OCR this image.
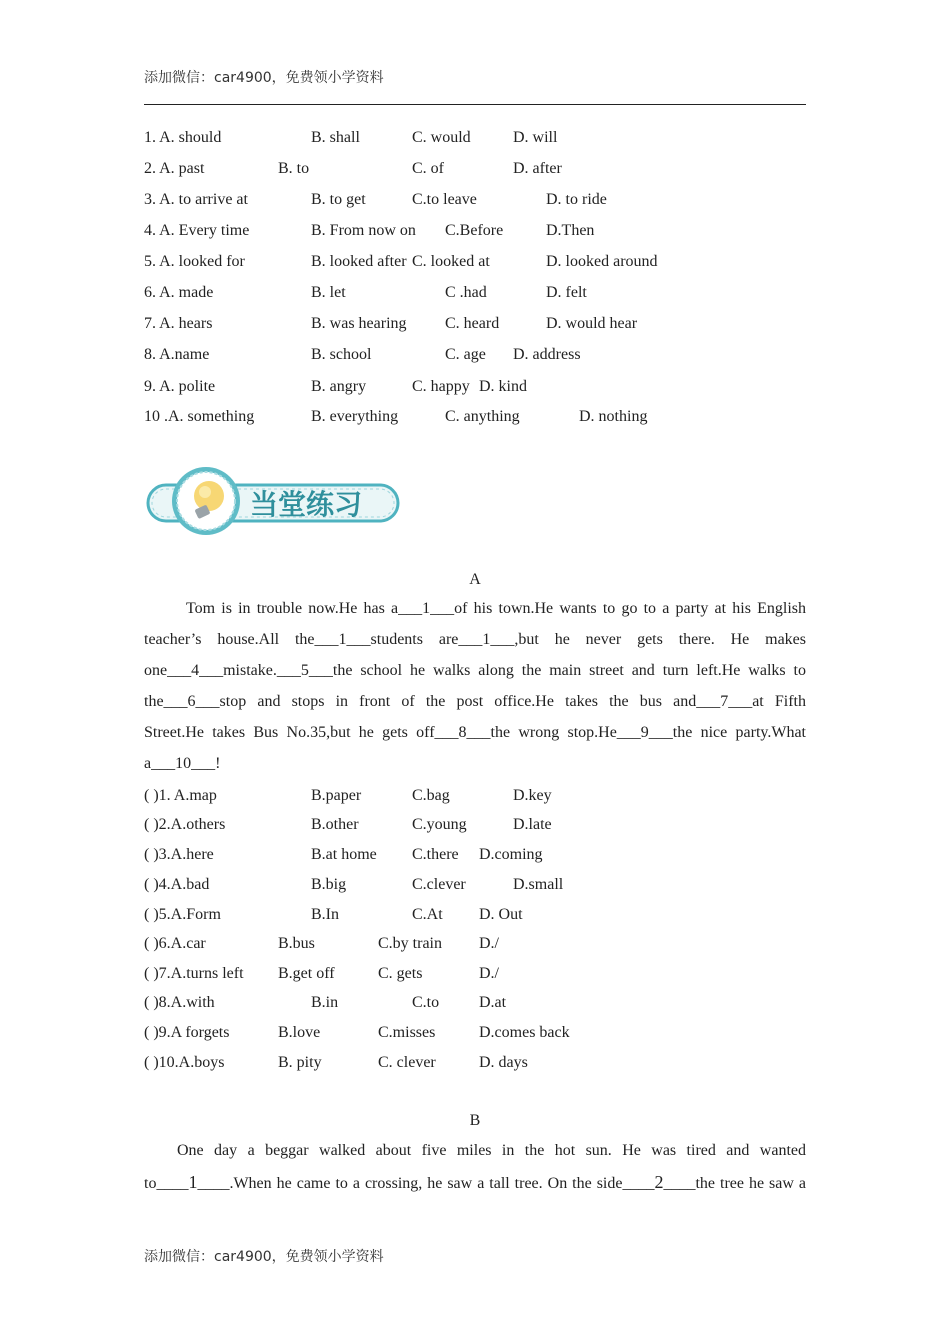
添加微信：car4900，免费领小学资料
1. A. should	B. shall	C. would	D. will
2. A. past	B. to	C. of	D. after
3. A. to arrive at	B. to get	C.to leave	D. to ride
4. A. Every time	B. From now on C.Before	D.Then
5. A. looked for	B. looked after C. looked at	D. looked around
6. A. made	B. let	C .had	D. felt
7. A. hears	B. was hearing C. heard	D. would hear
8. A.name	B. school	C. age D. address
9. A. polite	B. angry	C. happy D. kind
10 .A. something	B. everything	C. anything	D. nothing
当堂练习
A
Tom is in trouble now.He has a___1___of his town.He wants to go to a party at his English
teacher’s house.All the___1___students are___1___,but he never gets there. He makes
one___4___mistake.___5___the school he walks along the main street and turn left.He walks to
the___6___stop and stops in front of the post office.He takes the bus and___7___at Fifth
Street.He takes Bus No.35,but he gets off___8___the wrong stop.He___9___the nice party.What
a___10___!
( )1. A.map	B.paper	C.bag	D.key
( )2.A.others	B.other	C.young	D.late
( )3.A.here	B.at home C.there D.coming
( )4.A.bad	B.big	C.clever	D.small
( )5.A.Form	B.In	C.At D. Out
( )6.A.car	B.bus	C.by train D./
( )7.A.turns left B.get off	C. gets	D./
( )8.A.with	B.in	C.to D.at
( )9.A forgets	B.love	C.misses	D.comes back
( )10.A.boys	B. pity	C. clever	D. days
B
One day a beggar walked about five miles in the hot sun. He was tired and wanted
to____1____.When he came to a crossing, he saw a tall tree. On the side____2____the tree he saw a
添加微信：car4900，免费领小学资料
